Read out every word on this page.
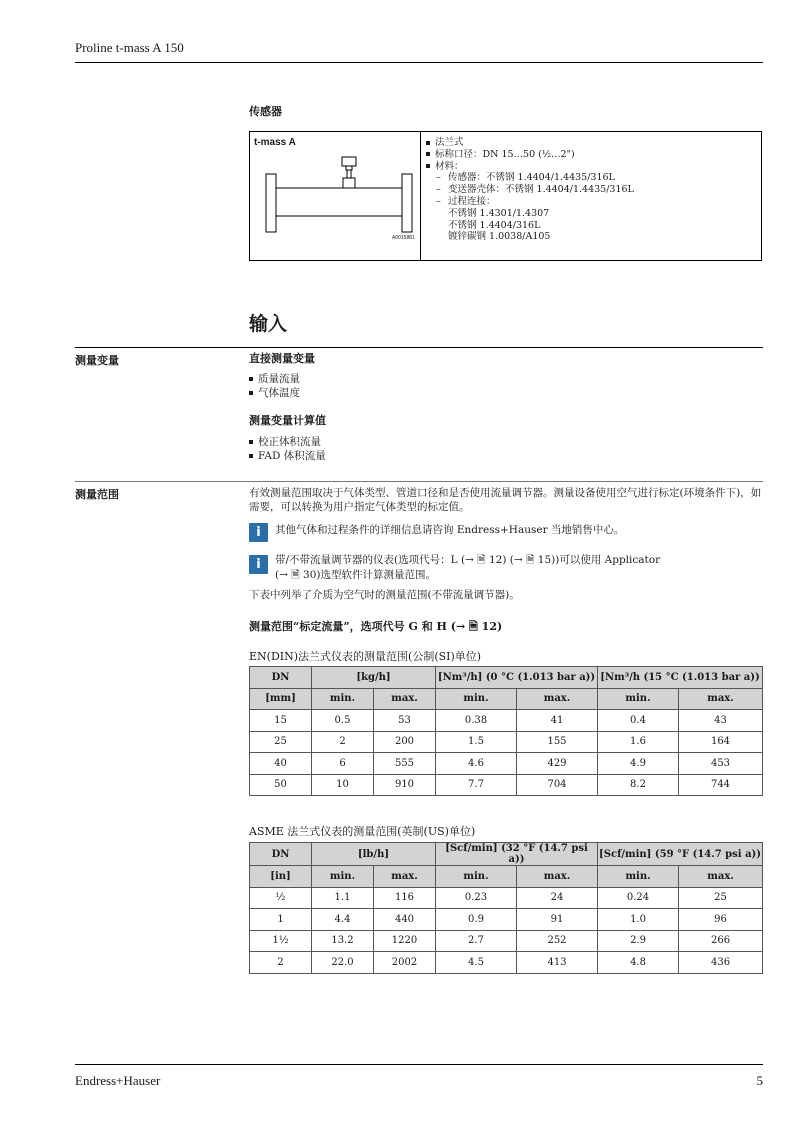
Proline t-mass A 150
传感器
t-mass A
A0015881
法兰式
标称口径：DN 15…50 (½…2")
材料：
– 传感器：不锈钢 1.4404/1.4435/316L
– 变送器壳体：不锈钢 1.4404/1.4435/316L
– 过程连接：
不锈钢 1.4301/1.4307
不锈钢 1.4404/316L
镀锌碳钢 1.0038/A105
输入
测量变量	直接测量变量
质量流量
气体温度
测量变量计算值
校正体积流量
FAD 体积流量
测量范围	有效测量范围取决于气体类型、管道口径和是否使用流量调节器。测量设备使用空气进行标定(环境条件下)，如需要，可以转换为用户指定气体类型的标定值。
i	其他气体和过程条件的详细信息请咨询 Endress+Hauser 当地销售中心。
i	带/不带流量调节器的仪表(选项代号：L (→ 🗎 12) (→ 🗎 15))可以使用 Applicator
(→ 🗎 30)选型软件计算测量范围。
下表中列举了介质为空气时的测量范围(不带流量调节器)。
测量范围“标定流量”，选项代号 G 和 H (→ 🗎 12)
EN(DIN)法兰式仪表的测量范围(公制(SI)单位)
DN	[kg/h]		[Nm³/h] (0 °C (1.013 bar a))		[Nm³/h (15 °C (1.013 bar a))	
[mm]	min.	max.	min.	max.	min.	max.
15	0.5	53	0.38	41	0.4	43
25	2	200	1.5	155	1.6	164
40	6	555	4.6	429	4.9	453
50	10	910	7.7	704	8.2	744
ASME 法兰式仪表的测量范围(英制(US)单位)
DN	[lb/h]		[Scf/min] (32 °F (14.7 psi a))		[Scf/min] (59 °F (14.7 psi a))	
[in]	min.	max.	min.	max.	min.	max.
½	1.1	116	0.23	24	0.24	25
1	4.4	440	0.9	91	1.0	96
1½	13.2	1220	2.7	252	2.9	266
2	22.0	2002	4.5	413	4.8	436
Endress+Hauser	5
